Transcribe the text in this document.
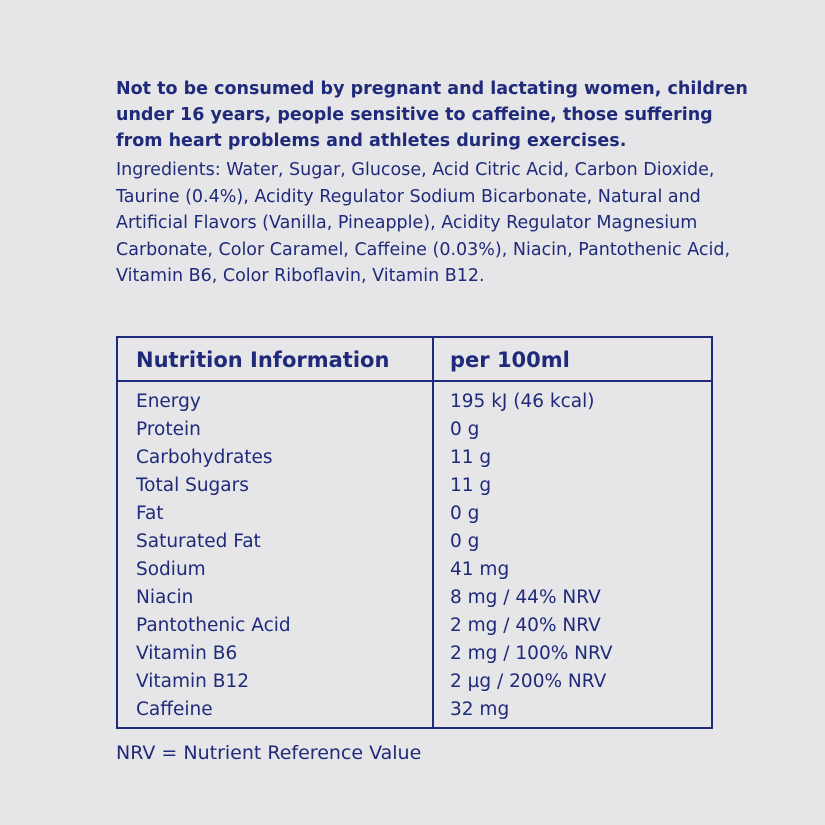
Not to be consumed by pregnant and lactating women, children under 16 years, people sensitive to caffeine, those suffering from heart problems and athletes during exercises.

Ingredients: Water, Sugar, Glucose, Acid Citric Acid, Carbon Dioxide, Taurine (0.4%), Acidity Regulator Sodium Bicarbonate, Natural and Artificial Flavors (Vanilla, Pineapple), Acidity Regulator Magnesium Carbonate, Color Caramel, Caffeine (0.03%), Niacin, Pantothenic Acid, Vitamin B6, Color Riboflavin, Vitamin B12.

Nutrition Information	per 100ml
Energy	195 kJ (46 kcal)
Protein	0 g
Carbohydrates	11 g
Total Sugars	11 g
Fat	0 g
Saturated Fat	0 g
Sodium	41 mg
Niacin	8 mg / 44% NRV
Pantothenic Acid	2 mg / 40% NRV
Vitamin B6	2 mg / 100% NRV
Vitamin B12	2 µg / 200% NRV
Caffeine	32 mg

NRV = Nutrient Reference Value
